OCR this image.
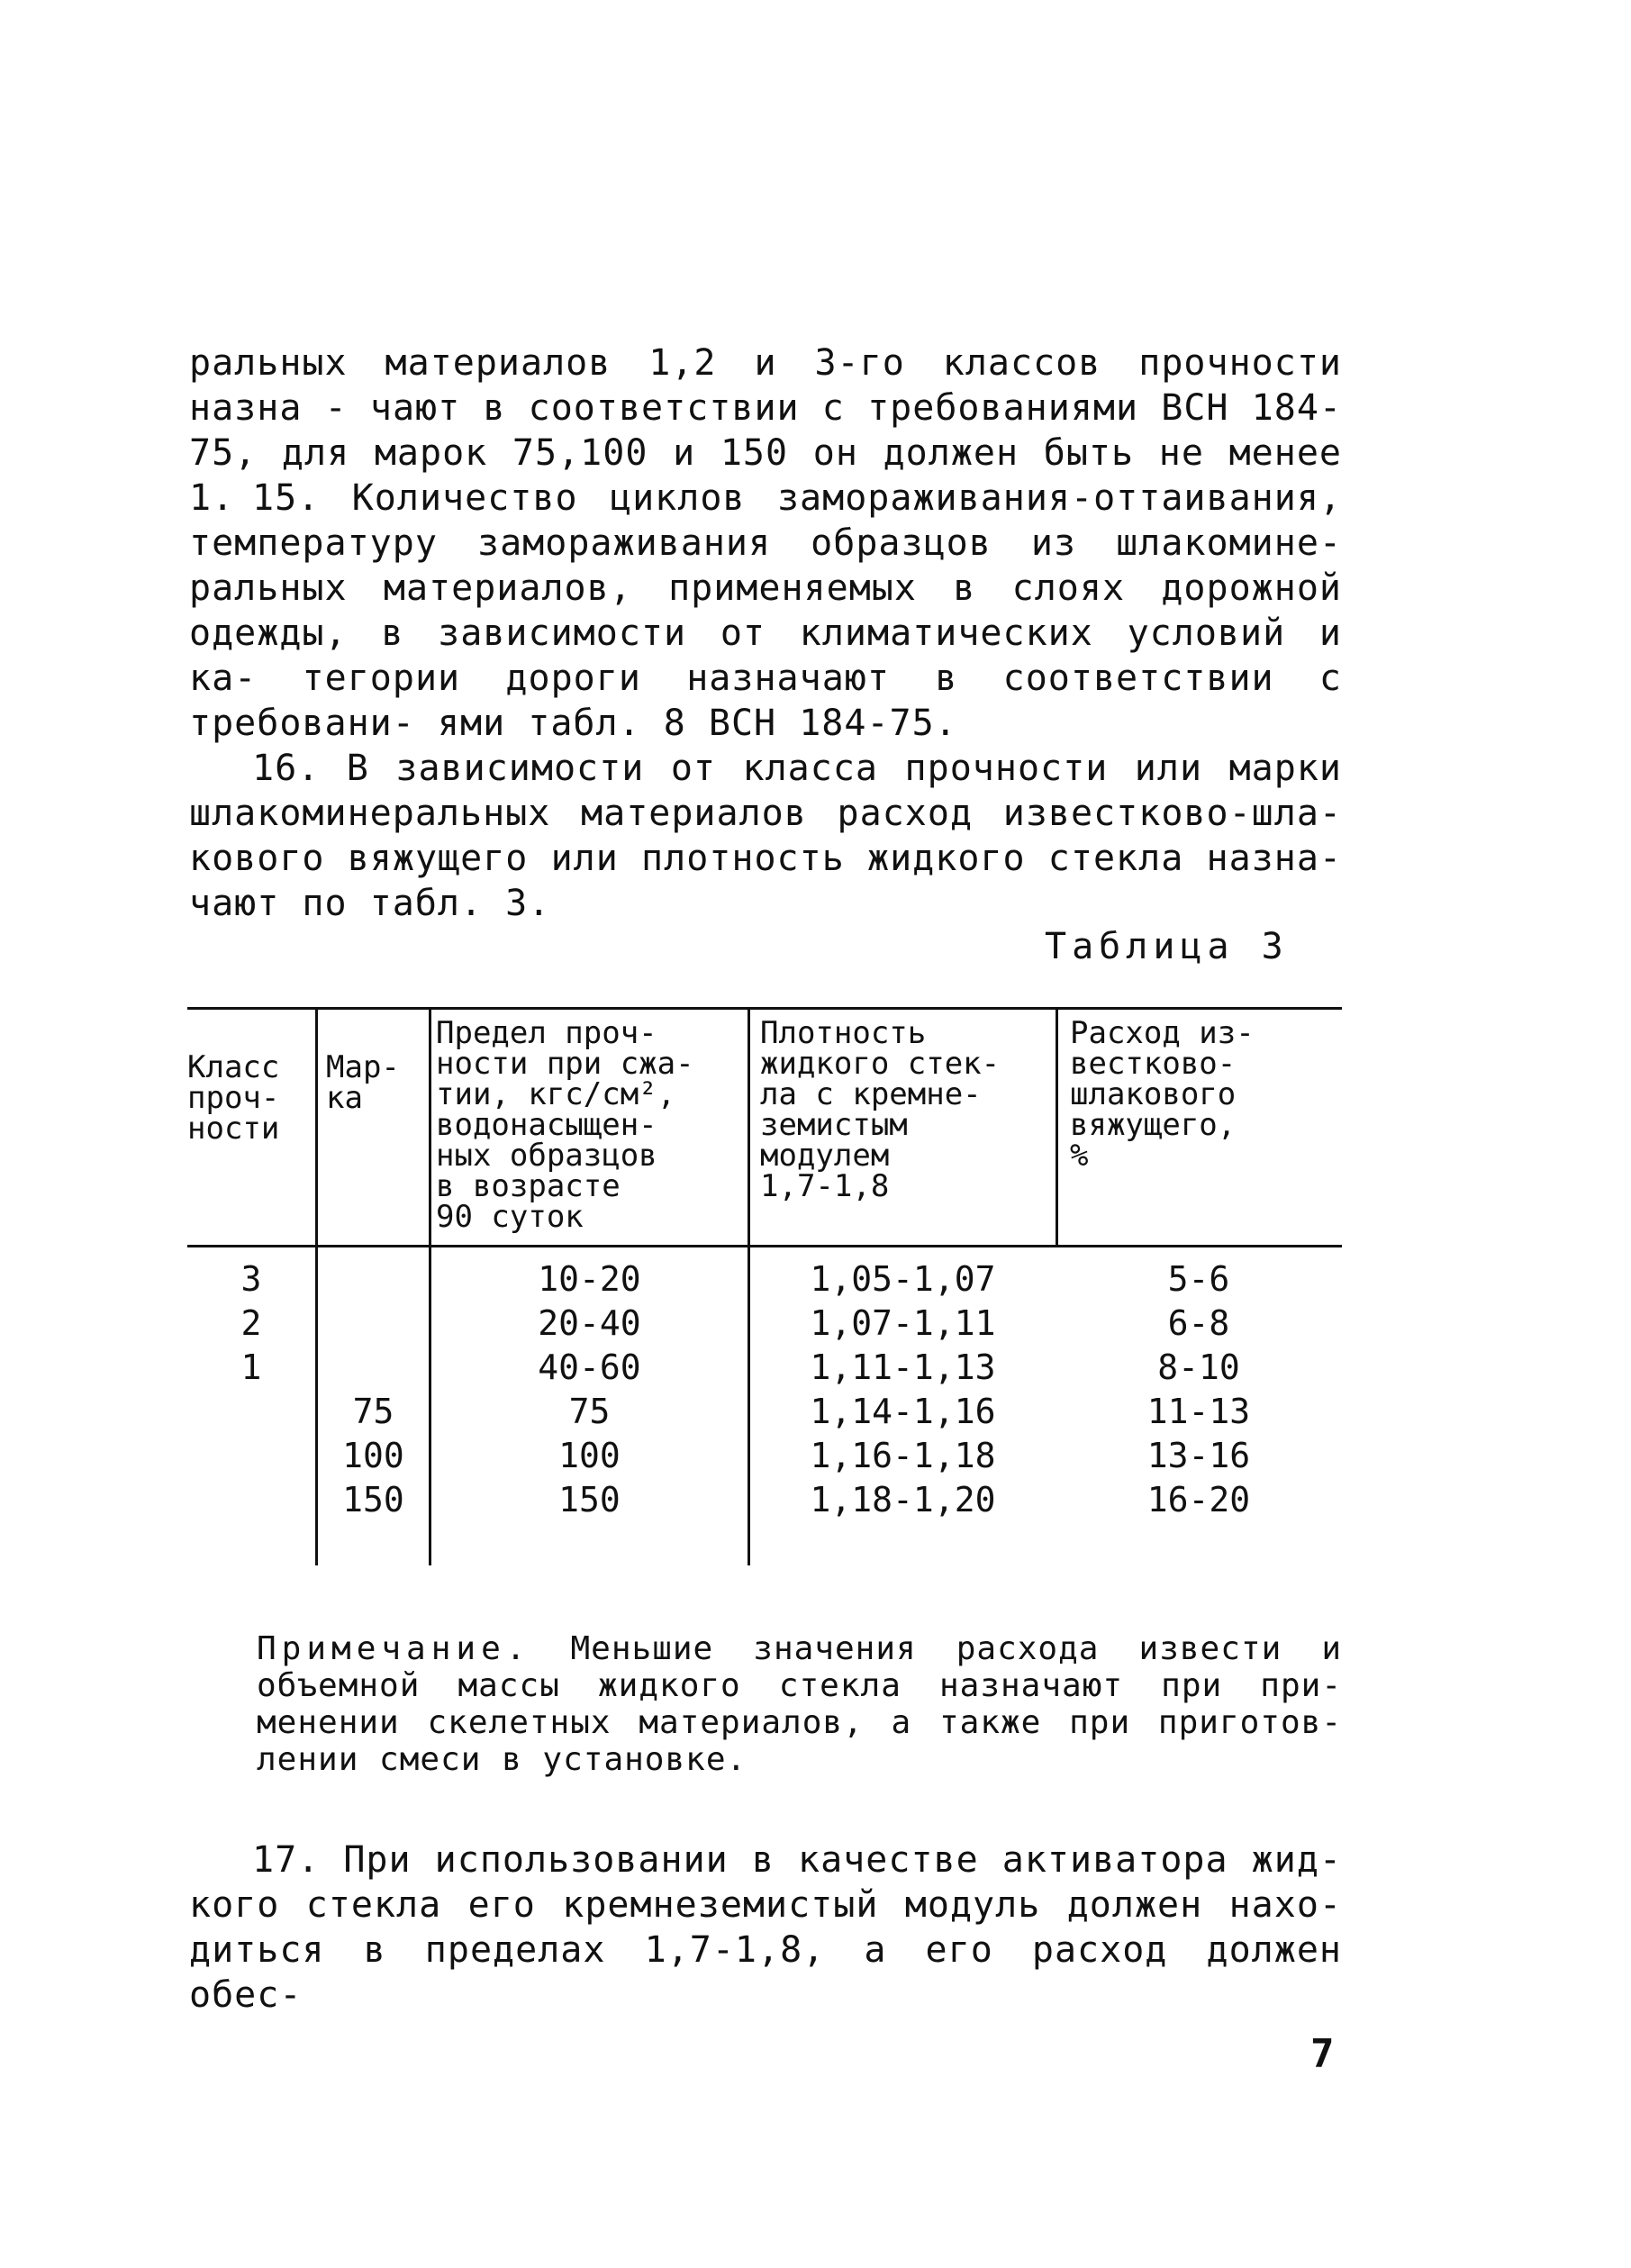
ральных материалов 1,2 и 3-го классов прочности назна - чают в соответствии с требованиями ВСН 184-75, для марок 75,100 и 150 он должен быть не менее 1. 15. Количество циклов замораживания-оттаивания, температуру замораживания образцов из шлакомине- ральных материалов, применяемых в слоях дорожной одежды, в зависимости от климатических условий и ка- тегории дороги назначают в соответствии с требовани- ями табл. 8 ВСН 184-75.

16. В зависимости от класса прочности или марки шлакоминеральных материалов расход известково-шла- кового вяжущего или плотность жидкого стекла назна- чают по табл. 3.

Таблица 3
Класс
проч-
ности
Мар-
ка
Предел проч-
ности при сжа-
тии, кгс/см²,
водонасыщен-
ных образцов
в возрасте
90 суток
Плотность
жидкого стек-
ла с кремне-
земистым
модулем
1,7-1,8
Расход из-
вестково-
шлакового
вяжущего,
%
3
2
1

75
100
150
10-20
20-40
40-60
75
100
150
1,05-1,07
1,07-1,11
1,11-1,13
1,14-1,16
1,16-1,18
1,18-1,20
5-6
6-8
8-10
11-13
13-16
16-20

Примечание. Меньшие значения расхода извести и объемной массы жидкого стекла назначают при при- менении скелетных материалов, а также при приготов- лении смеси в установке.

17. При использовании в качестве активатора жид- кого стекла его кремнеземистый модуль должен нахо- диться в пределах 1,7-1,8, а его расход должен обес-

7
